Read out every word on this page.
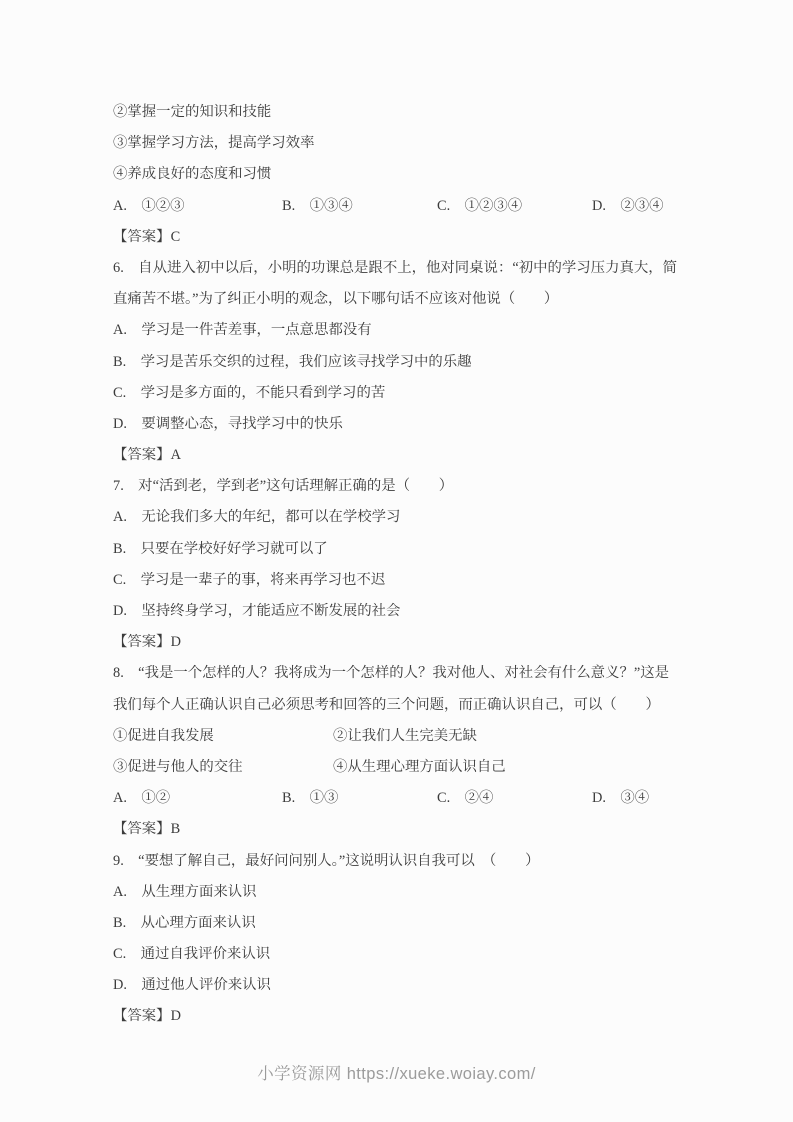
②掌握一定的知识和技能
③掌握学习方法，提高学习效率
④养成良好的态度和习惯
A.　①②③	B.　①③④	C.　①②③④	D.　②③④
【答案】C
6.　自从进入初中以后，小明的功课总是跟不上，他对同桌说：“初中的学习压力真大，简
直痛苦不堪。”为了纠正小明的观念，以下哪句话不应该对他说（　　）
A.　学习是一件苦差事，一点意思都没有
B.　学习是苦乐交织的过程，我们应该寻找学习中的乐趣
C.　学习是多方面的，不能只看到学习的苦
D.　要调整心态，寻找学习中的快乐
【答案】A
7.　对“活到老，学到老”这句话理解正确的是（　　）
A.　无论我们多大的年纪，都可以在学校学习
B.　只要在学校好好学习就可以了
C.　学习是一辈子的事，将来再学习也不迟
D.　坚持终身学习，才能适应不断发展的社会
【答案】D
8.　“我是一个怎样的人？我将成为一个怎样的人？我对他人、对社会有什么意义？”这是
我们每个人正确认识自己必须思考和回答的三个问题，而正确认识自己，可以（　　）
①促进自我发展	②让我们人生完美无缺
③促进与他人的交往	④从生理心理方面认识自己
A.　①②	B.　①③	C.　②④	D.　③④
【答案】B
9.　“要想了解自己，最好问问别人。”这说明认识自我可以　（　　）
A.　从生理方面来认识
B.　从心理方面来认识
C.　通过自我评价来认识
D.　通过他人评价来认识
【答案】D
小学资源网 https://xueke.woiay.com/
